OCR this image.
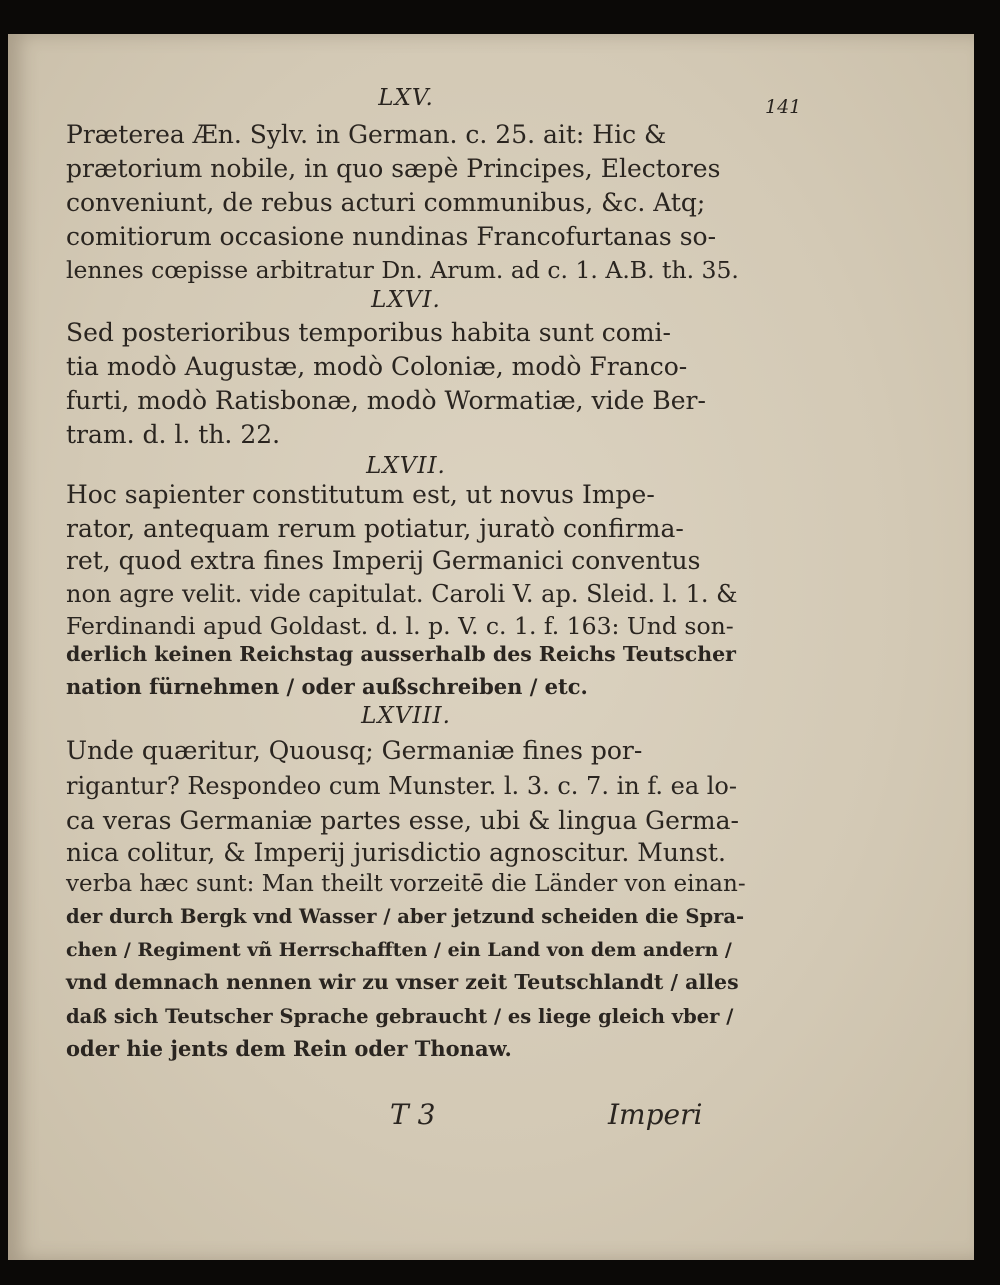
141
LXV.
Præterea Æn. Sylv. in German. c. 25. ait: Hic &
prætorium nobile, in quo sæpè Principes, Electores
conveniunt, de rebus acturi communibus, &c. Atq;
comitiorum occasione nundinas Francofurtanas so-
lennes cœpisse arbitratur Dn. Arum. ad c. 1. A.B. th. 35.
LXVI.
Sed posterioribus temporibus habita sunt comi-
tia modò Augustæ, modò Coloniæ, modò Franco-
furti, modò Ratisbonæ, modò Wormatiæ, vide Ber-
tram. d. l. th. 22.
LXVII.
Hoc sapienter constitutum est, ut novus Impe-
rator, antequam rerum potiatur, juratò confirma-
ret, quod extra fines Imperij Germanici conventus
non agre velit. vide capitulat. Caroli V. ap. Sleid. l. 1. &
Ferdinandi apud Goldast. d. l. p. V. c. 1. f. 163: Und son-
derlich keinen Reichstag ausserhalb des Reichs Teutscher
nation fürnehmen / oder außschreiben / etc.
LXVIII.
Unde quæritur, Quousq; Germaniæ fines por-
rigantur? Respondeo cum Munster. l. 3. c. 7. in f. ea lo-
ca veras Germaniæ partes esse, ubi & lingua Germa-
nica colitur, & Imperij jurisdictio agnoscitur. Munst.
verba hæc sunt: Man theilt vorzeitē die Länder von einan-
der durch Bergk vnd Wasser / aber jetzund scheiden die Spra-
chen / Regiment vñ Herrschafften / ein Land von dem andern /
vnd demnach nennen wir zu vnser zeit Teutschlandt / alles
daß sich Teutscher Sprache gebraucht / es liege gleich vber /
oder hie jents dem Rein oder Thonaw.
T 3	Imperi
